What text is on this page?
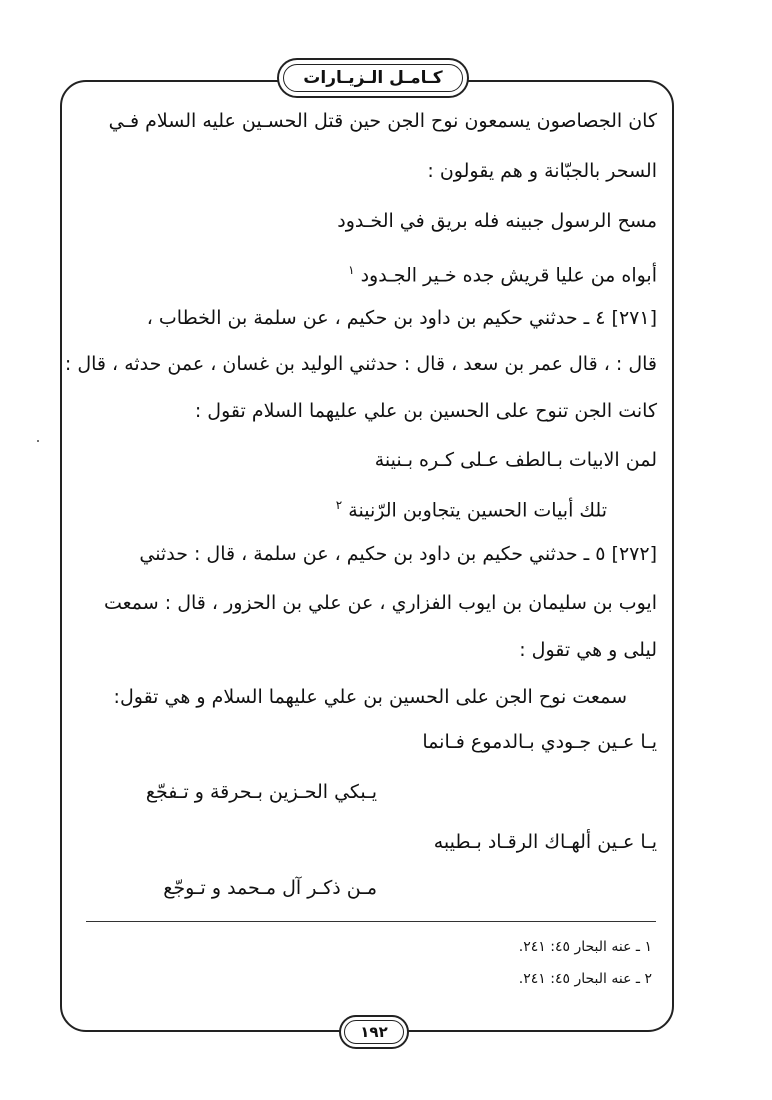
كـامـل الـزيـارات
كان الجصاصون يسمعون نوح الجن حين قتل الحسـين عليه السلام فـي
السحر بالجبّانة و هم يقولون :
مسح الرسول جبينه فله بريق في الخـدود
أبواه من عليا قريش جده خـير الجـدود $^١$
[٢٧١] ٤ ـ حدثني حكيم بن داود بن حكيم ، عن سلمة بن الخطاب ،
قال : ، قال عمر بن سعد ، قال : حدثني الوليد بن غسان ، عمن حدثه ، قال :
كانت الجن تنوح على الحسين بن علي عليهما السلام تقول :
لمن الابيات بـالطف عـلى كـره بـنينة
تلك أبيات الحسين يتجاوبن الرّنينة $^٢$
[٢٧٢] ٥ ـ حدثني حكيم بن داود بن حكيم ، عن سلمة ، قال : حدثني
ايوب بن سليمان بن ايوب الفزاري ، عن علي بن الحزور ، قال : سمعت
ليلى و هي تقول :
سمعت نوح الجن على الحسين بن علي عليهما السلام و هي تقول:
يـا عـين جـودي بـالدموع فـانما
يـبكي الحـزين بـحرقة و تـفجّع
يـا عـين ألهـاك الرقـاد بـطيبه
مـن ذكـر آل مـحمد و تـوجّع
١ ـ عنه البحار ٤٥: ٢٤١.
٢ ـ عنه البحار ٤٥: ٢٤١.
١٩٢
